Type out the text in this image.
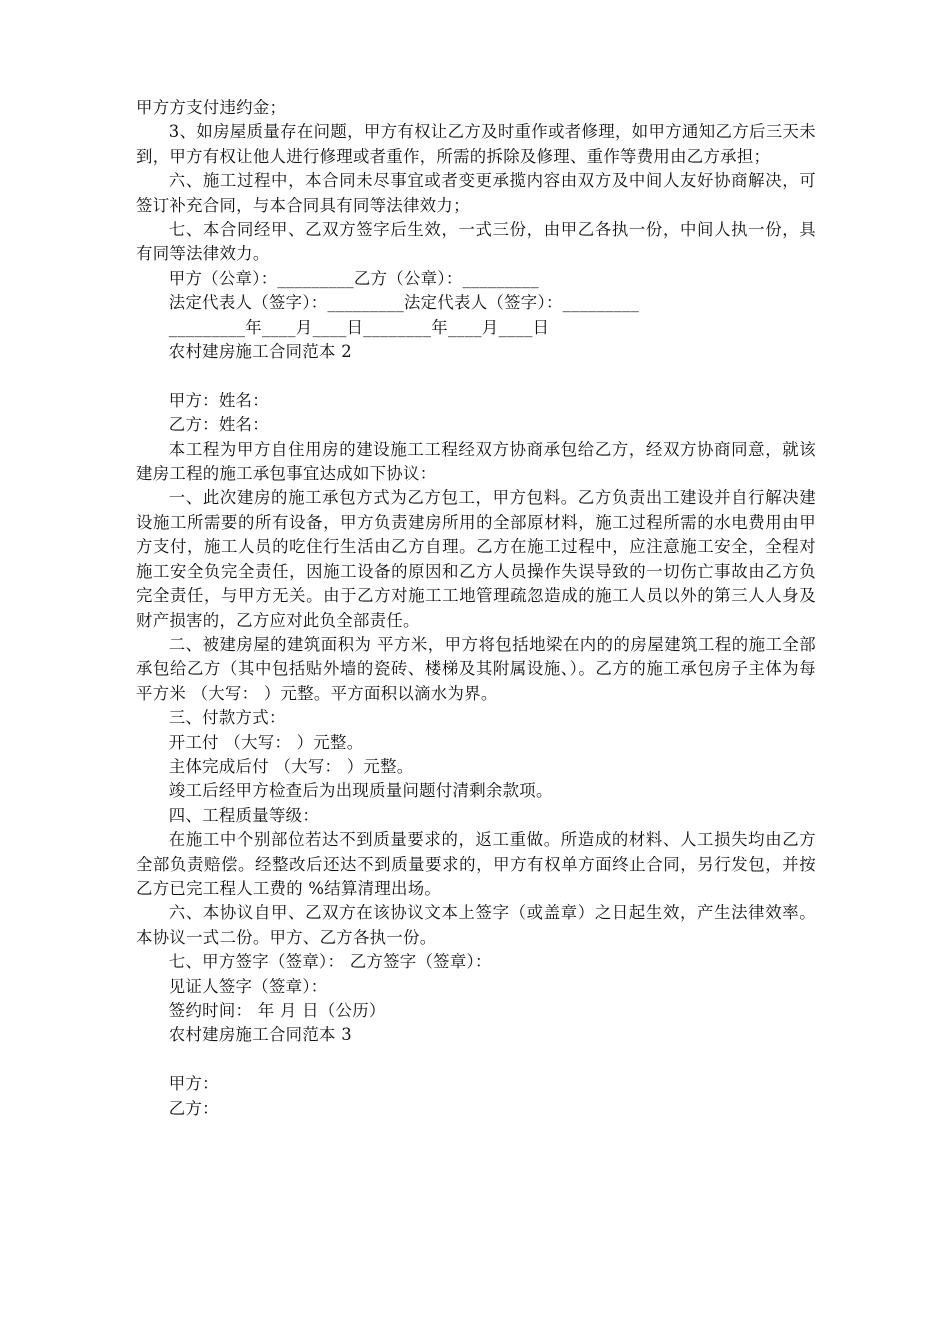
甲方方支付违约金；

3、如房屋质量存在问题，甲方有权让乙方及时重作或者修理，如甲方通知乙方后三天未到，甲方有权让他人进行修理或者重作，所需的拆除及修理、重作等费用由乙方承担；

六、施工过程中，本合同未尽事宜或者变更承揽内容由双方及中间人友好协商解决，可签订补充合同，与本合同具有同等法律效力；

七、本合同经甲、乙双方签字后生效，一式三份，由甲乙各执一份，中间人执一份，具有同等法律效力。

甲方（公章）：_________乙方（公章）：_________

法定代表人（签字）：_________法定代表人（签字）：_________

_________年____月____日________年____月____日

农村建房施工合同范本 2

甲方：姓名：

乙方：姓名：

本工程为甲方自住用房的建设施工工程经双方协商承包给乙方，经双方协商同意，就该建房工程的施工承包事宜达成如下协议：

一、此次建房的施工承包方式为乙方包工，甲方包料。乙方负责出工建设并自行解决建设施工所需要的所有设备，甲方负责建房所用的全部原材料，施工过程所需的水电费用由甲方支付，施工人员的吃住行生活由乙方自理。乙方在施工过程中，应注意施工安全，全程对施工安全负完全责任，因施工设备的原因和乙方人员操作失误导致的一切伤亡事故由乙方负完全责任，与甲方无关。由于乙方对施工工地管理疏忽造成的施工人员以外的第三人人身及财产损害的，乙方应对此负全部责任。

二、被建房屋的建筑面积为 平方米，甲方将包括地梁在内的的房屋建筑工程的施工全部承包给乙方（其中包括贴外墙的瓷砖、楼梯及其附属设施、）。乙方的施工承包房子主体为每平方米 （大写： ）元整。平方面积以滴水为界。

三、付款方式：

开工付 （大写： ）元整。

主体完成后付 （大写： ）元整。

竣工后经甲方检查后为出现质量问题付清剩余款项。

四、工程质量等级：

在施工中个别部位若达不到质量要求的，返工重做。所造成的材料、人工损失均由乙方全部负责赔偿。经整改后还达不到质量要求的，甲方有权单方面终止合同，另行发包，并按乙方已完工程人工费的 %结算清理出场。

六、本协议自甲、乙双方在该协议文本上签字（或盖章）之日起生效，产生法律效率。本协议一式二份。甲方、乙方各执一份。

七、甲方签字（签章）： 乙方签字（签章）：

见证人签字（签章）：

签约时间： 年 月 日（公历）

农村建房施工合同范本 3

甲方：

乙方：
